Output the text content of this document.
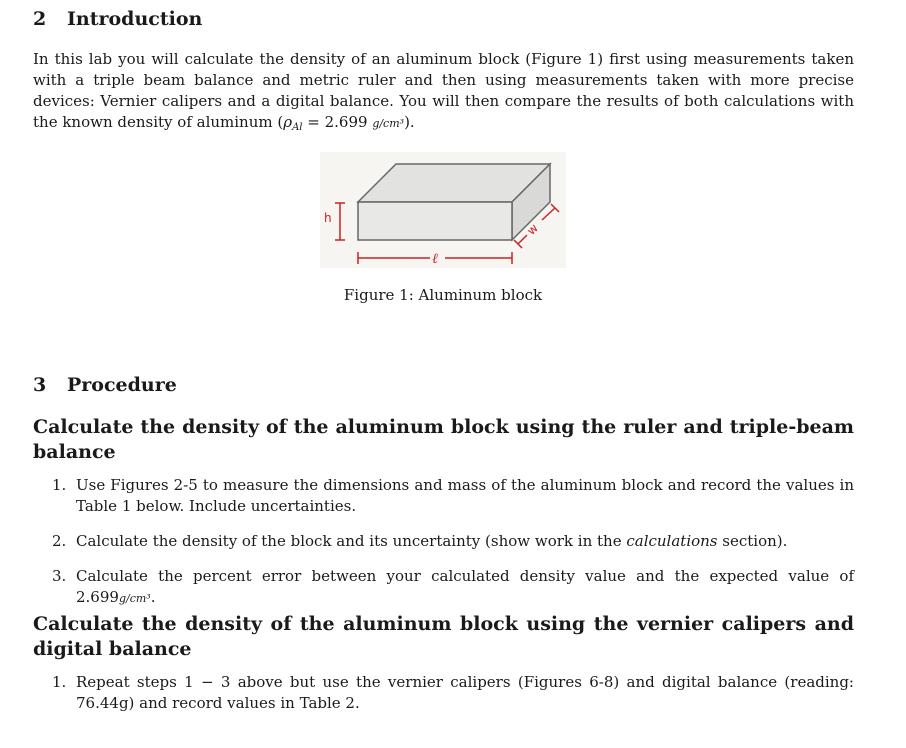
2 Introduction

In this lab you will calculate the density of an aluminum block (Figure 1) first using measurements taken with a triple beam balance and metric ruler and then using measurements taken with more precise devices: Vernier calipers and a digital balance. You will then compare the results of both calculations with the known density of aluminum ($\rho_{Al} = 2.699$ g/cm³).

h
ℓ
w

Figure 1: Aluminum block

3 Procedure
Calculate the density of the aluminum block using the ruler and triple-beam balance
1. Use Figures 2-5 to measure the dimensions and mass of the aluminum block and record the values in Table 1 below. Include uncertainties.
2. Calculate the density of the block and its uncertainty (show work in the calculations section).
3. Calculate the percent error between your calculated density value and the expected value of 2.699g/cm³.
Calculate the density of the aluminum block using the vernier calipers and digital balance
1. Repeat steps 1 − 3 above but use the vernier calipers (Figures 6-8) and digital balance (reading: 76.44g) and record values in Table 2.
